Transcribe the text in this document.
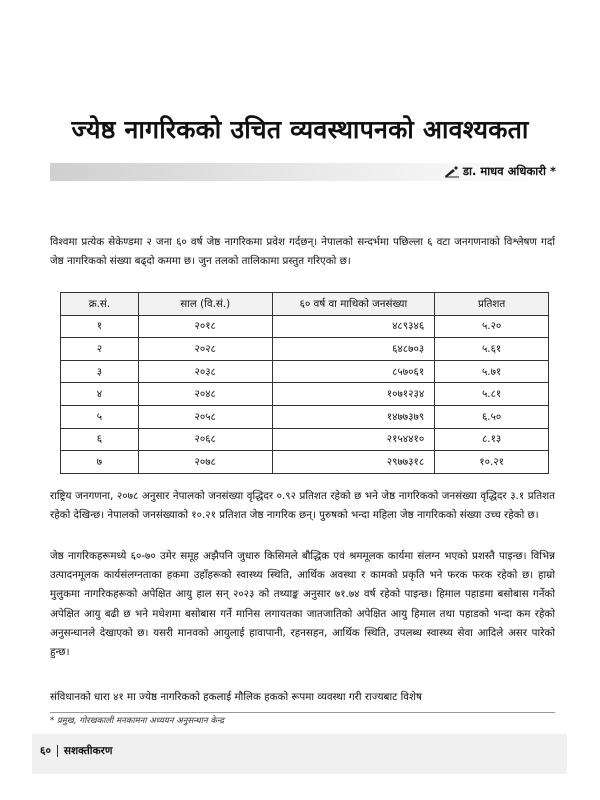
ज्येष्ठ नागरिकको उचित व्यवस्थापनको आवश्यकता
डा. माधव अधिकारी *

विश्वमा प्रत्येक सेकेण्डमा २ जना ६० वर्ष जेष्ठ नागरिकमा प्रवेश गर्दछन्। नेपालको सन्दर्भमा पछिल्ला ६ वटा जनगणनाको विश्लेषण गर्दा जेष्ठ नागरिकको संख्या बढ्दो कममा छ। जुन तलको तालिकामा प्रस्तुत गरिएको छ।

क्र.सं.	साल (वि.सं.)	६० वर्ष वा माथिको जनसंख्या	प्रतिशत
१	२०१८	४८९३४६	५.२०
२	२०२८	६४८७०३	५.६१
३	२०३८	८५७०६१	५.७१
४	२०४८	१०७१२३४	५.८१
५	२०५८	१४७७३७९	६.५०
६	२०६८	२१५४४१०	८.१३
७	२०७८	२९७७३१८	१०.२१

राष्ट्रिय जनगणना, २०७८ अनुसार नेपालको जनसंख्या वृद्धिदर ०.९२ प्रतिशत रहेको छ भने जेष्ठ नागरिकको जनसंख्या वृद्धिदर ३.१ प्रतिशत रहेको देखिन्छ। नेपालको जनसंख्याको १०.२१ प्रतिशत जेष्ठ नागरिक छन्। पुरुषको भन्दा महिला जेष्ठ नागरिकको संख्या उच्च रहेको छ।

जेष्ठ नागरिकहरूमध्ये ६०-७० उमेर समूह अझैपनि जुधारु किसिमले बौद्धिक एवं श्रममूलक कार्यमा संलग्न भएको प्रशस्तै पाइन्छ। विभिन्न उत्पादनमूलक कार्यसंलग्नताका हकमा उहाँहरूको स्वास्थ्य स्थिति, आर्थिक अवस्था र कामको प्रकृति भने फरक फरक रहेको छ। हाम्रो मुलुकमा नागरिकहरूको अपेक्षित आयु हाल सन् २०२३ को तथ्याङ्क अनुसार ७१.७४ वर्ष रहेको पाइन्छ। हिमाल पहाडमा बसोबास गर्नेको अपेक्षित आयु बढी छ भने मधेशमा बसोबास गर्ने मानिस लगायतका जातजातिको अपेक्षित आयु हिमाल तथा पहाडको भन्दा कम रहेको अनुसन्धानले देखाएको छ। यसरी मानवको आयुलाई हावापानी, रहनसहन, आर्थिक स्थिति, उपलब्ध स्वास्थ्य सेवा आदिले असर पारेको हुन्छ।

संविधानको धारा ४१ मा ज्येष्ठ नागरिकको हकलाई मौलिक हकको रूपमा व्यवस्था गरी राज्यबाट विशेष

* प्रमुख, गोरखकाली मनकामना अध्ययन अनुसन्धान केन्द्र
६० सशक्तीकरण
